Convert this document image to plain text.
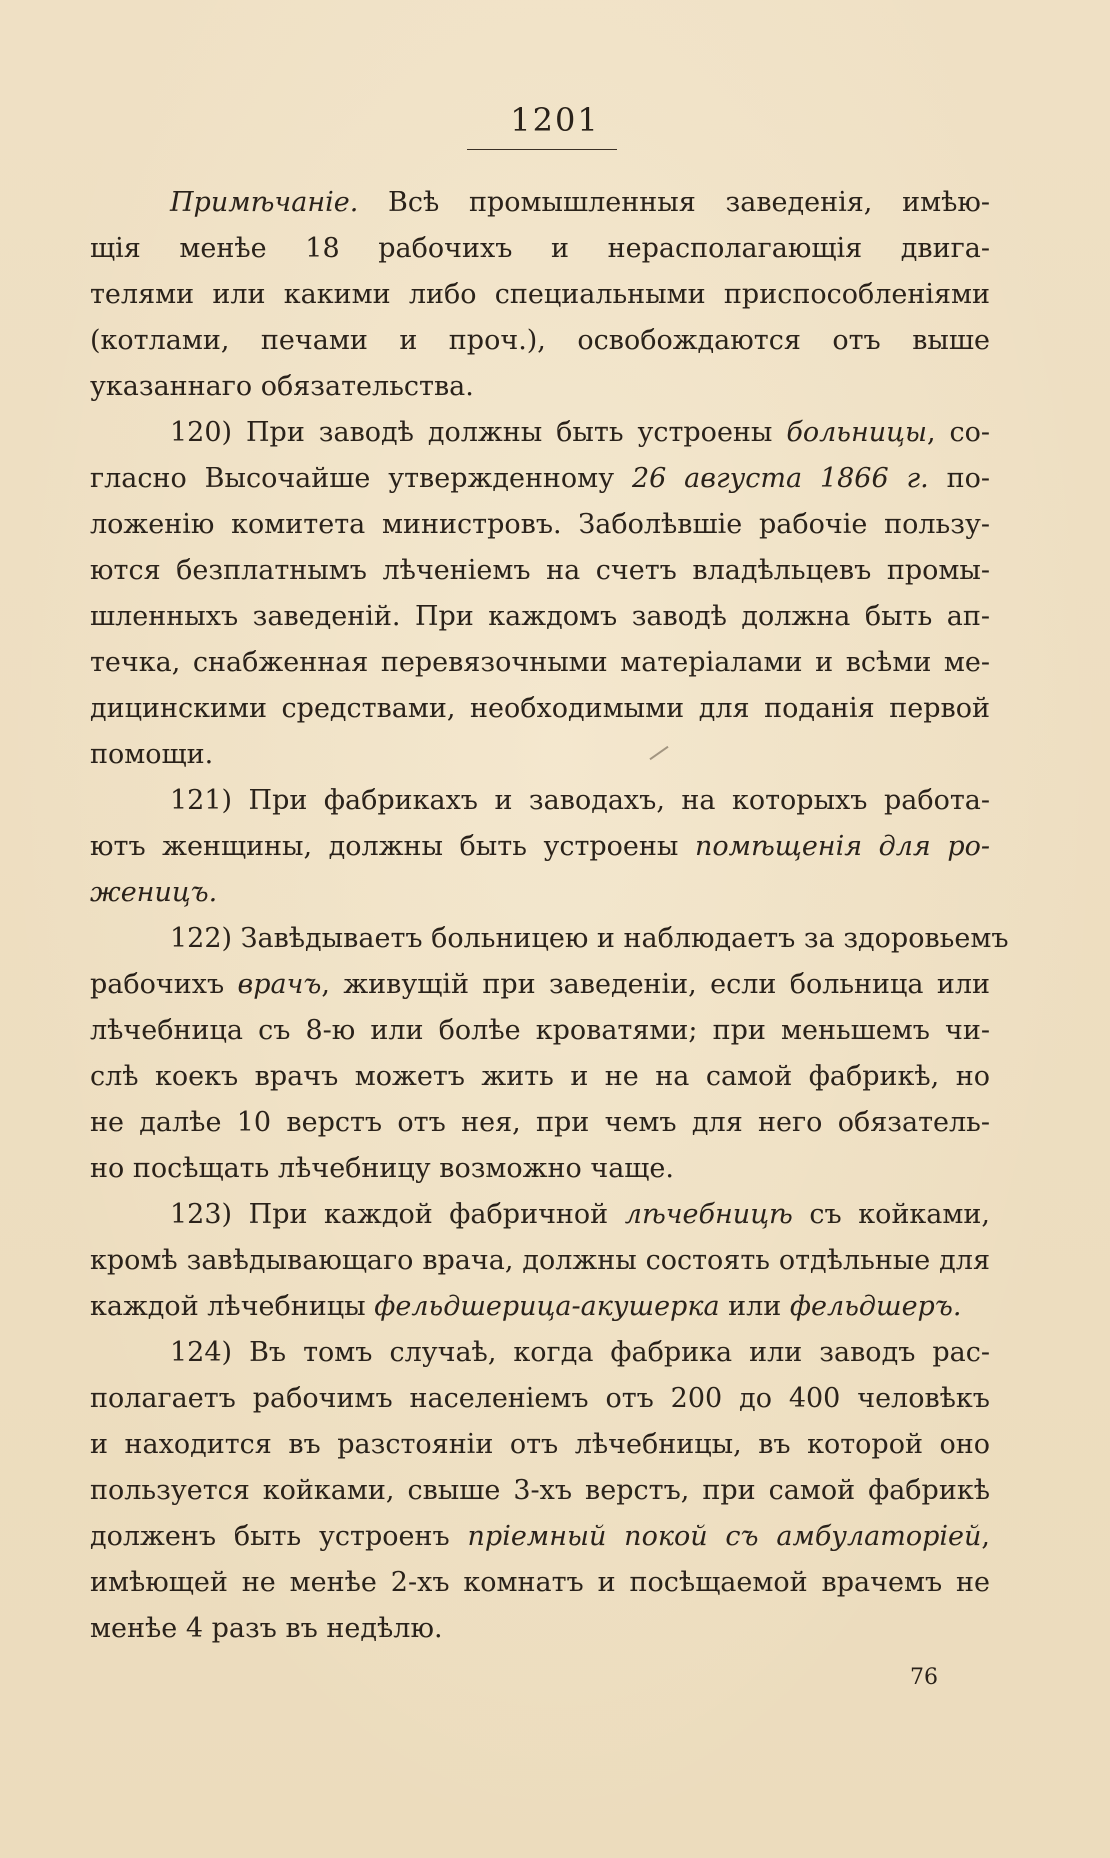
1201
Примѣчаніе. Всѣ промышленныя заведенія, имѣю-
щія менѣе 18 рабочихъ и нерасполагающія двига-
телями или какими либо специальными приспособленіями
(котлами, печами и проч.), освобождаются отъ выше
указаннаго обязательства.
120) При заводѣ должны быть устроены больницы, со-
гласно Высочайше утвержденному 26 августа 1866 г. по-
ложенію комитета министровъ. Заболѣвшіе рабочіе пользу-
ются безплатнымъ лѣченіемъ на счетъ владѣльцевъ промы-
шленныхъ заведеній. При каждомъ заводѣ должна быть ап-
течка, снабженная перевязочными матеріалами и всѣми ме-
дицинскими средствами, необходимыми для поданія первой
помощи.
121) При фабрикахъ и заводахъ, на которыхъ работа-
ютъ женщины, должны быть устроены помѣщенія для ро-
женицъ.
122) Завѣдываетъ больницею и наблюдаетъ за здоровьемъ
рабочихъ врачъ, живущій при заведеніи, если больница или
лѣчебница съ 8-ю или болѣе кроватями; при меньшемъ чи-
слѣ коекъ врачъ можетъ жить и не на самой фабрикѣ, но
не далѣе 10 верстъ отъ нея, при чемъ для него обязатель-
но посѣщать лѣчебницу возможно чаще.
123) При каждой фабричной лѣчебницѣ съ койками,
кромѣ завѣдывающаго врача, должны состоять отдѣльные для
каждой лѣчебницы фельдшерица-акушерка или фельдшеръ.
124) Въ томъ случаѣ, когда фабрика или заводъ рас-
полагаетъ рабочимъ населеніемъ отъ 200 до 400 человѣкъ
и находится въ разстояніи отъ лѣчебницы, въ которой оно
пользуется койками, свыше 3-хъ верстъ, при самой фабрикѣ
долженъ быть устроенъ пріемный покой съ амбулаторіей,
имѣющей не менѣе 2-хъ комнатъ и посѣщаемой врачемъ не
менѣе 4 разъ въ недѣлю.
76
